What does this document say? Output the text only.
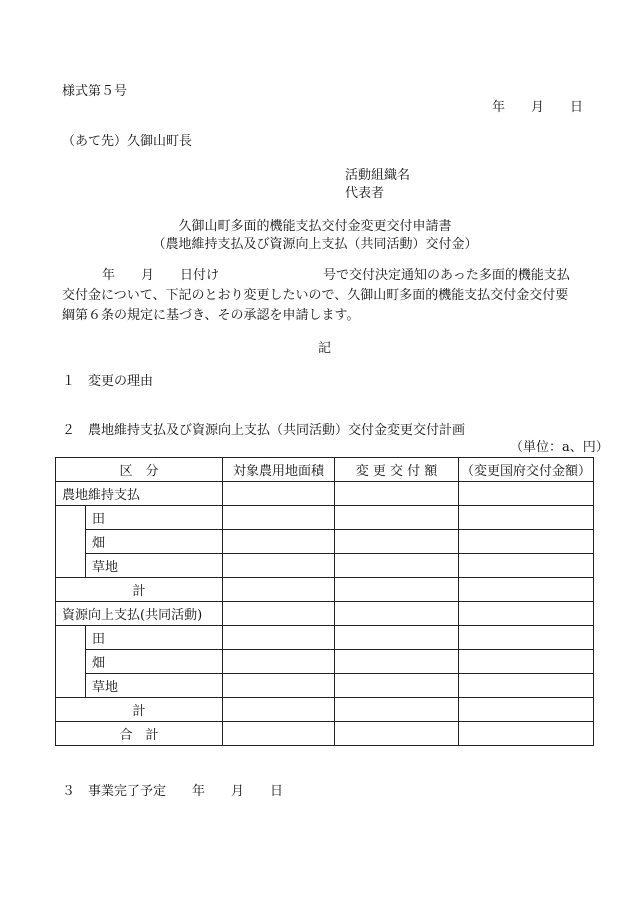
様式第５号
年　　月　　日
（あて先）久御山町長
活動組織名
代表者
久御山町多面的機能支払交付金変更交付申請書
（農地維持支払及び資源向上支払（共同活動）交付金）
年　　月　　日付け　　　　　　　　号で交付決定通知のあった多面的機能支払
交付金について、下記のとおり変更したいので、久御山町多面的機能支払交付金交付要
綱第６条の規定に基づき、その承認を申請します。
記
１　変更の理由
２　農地維持支払及び資源向上支払（共同活動）交付金変更交付計画
（単位：a、円）
区　分		対象農用地面積	変 更 交 付 額	（変更国府交付金額）
農地維持支払				
	田			
	畑			
	草地			
計				
資源向上支払(共同活動)				
	田			
	畑			
	草地			
計				
合　計				
３　事業完了予定　　年　　月　　日
